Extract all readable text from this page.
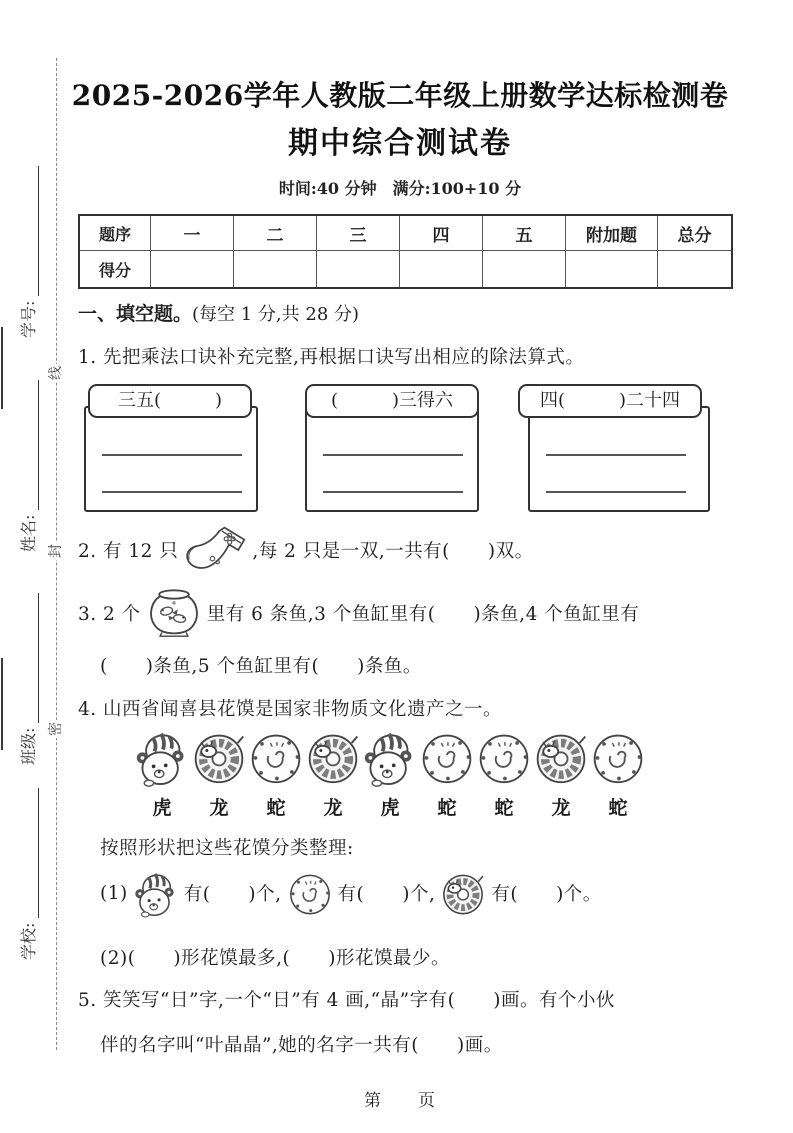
线
封
密
学号:
姓名:
班级:
学校:
2025-2026学年人教版二年级上册数学达标检测卷
期中综合测试卷
时间:40 分钟　满分:100+10 分
题序	一	二	三	四	五	附加题	总分
得分
一、填空题。(每空 1 分,共 28 分)
1. 先把乘法口诀补充完整,再根据口诀写出相应的除法算式。
三五(　　　)	(　　　)三得六	四(　　　)二十四
2. 有 12 只	,每 2 只是一双,一共有(　　)双。
3. 2 个	里有 6 条鱼,3 个鱼缸里有(　　)条鱼,4 个鱼缸里有
(　　)条鱼,5 个鱼缸里有(　　)条鱼。
4. 山西省闻喜县花馍是国家非物质文化遗产之一。
虎	龙	蛇	龙	虎	蛇	蛇	龙	蛇
按照形状把这些花馍分类整理:
(1)	有(　　)个,	有(　　)个,	有(　　)个。
(2)(　　)形花馍最多,(　　)形花馍最少。
5. 笑笑写“日”字,一个“日”有 4 画,“晶”字有(　　)画。有个小伙
伴的名字叫“叶晶晶”,她的名字一共有(　　)画。
第　　页
